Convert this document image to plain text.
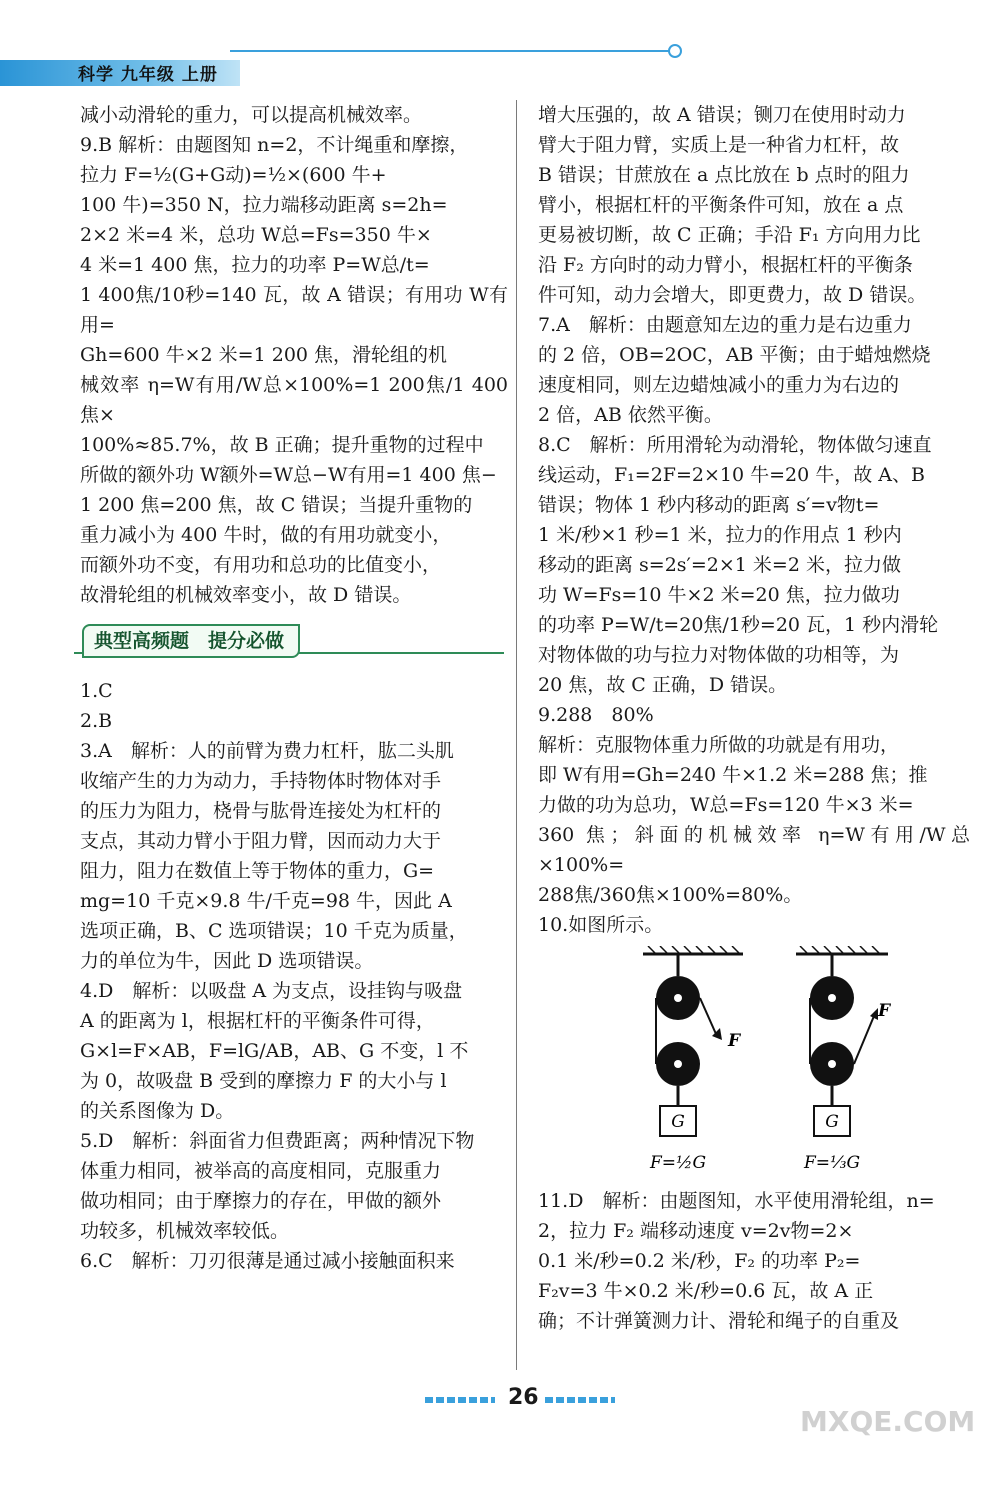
科学 九年级 上册
减小动滑轮的重力，可以提高机械效率。
9.B 解析：由题图知 n=2，不计绳重和摩擦，
拉力 F=½(G+G动)=½×(600 牛+
100 牛)=350 N，拉力端移动距离 s=2h=
2×2 米=4 米，总功 W总=Fs=350 牛×
4 米=1 400 焦，拉力的功率 P=W总/t=
1 400焦/10秒=140 瓦，故 A 错误；有用功 W有用=
Gh=600 牛×2 米=1 200 焦，滑轮组的机
械效率 η=W有用/W总×100%=1 200焦/1 400焦×
100%≈85.7%，故 B 正确；提升重物的过程中
所做的额外功 W额外=W总−W有用=1 400 焦−
1 200 焦=200 焦，故 C 错误；当提升重物的
重力减小为 400 牛时，做的有用功就变小，
而额外功不变，有用功和总功的比值变小，
故滑轮组的机械效率变小，故 D 错误。
典型高频题　提分必做
1.C
2.B
3.A　解析：人的前臂为费力杠杆，肱二头肌
收缩产生的力为动力，手持物体时物体对手
的压力为阻力，桡骨与肱骨连接处为杠杆的
支点，其动力臂小于阻力臂，因而动力大于
阻力，阻力在数值上等于物体的重力，G=
mg=10 千克×9.8 牛/千克=98 牛，因此 A
选项正确，B、C 选项错误；10 千克为质量，
力的单位为牛，因此 D 选项错误。
4.D　解析：以吸盘 A 为支点，设挂钩与吸盘
A 的距离为 l，根据杠杆的平衡条件可得，
G×l=F×AB，F=lG/AB，AB、G 不变，l 不
为 0，故吸盘 B 受到的摩擦力 F 的大小与 l
的关系图像为 D。
5.D　解析：斜面省力但费距离；两种情况下物
体重力相同，被举高的高度相同，克服重力
做功相同；由于摩擦力的存在，甲做的额外
功较多，机械效率较低。
6.C　解析：刀刃很薄是通过减小接触面积来
增大压强的，故 A 错误；铡刀在使用时动力
臂大于阻力臂，实质上是一种省力杠杆，故
B 错误；甘蔗放在 a 点比放在 b 点时的阻力
臂小，根据杠杆的平衡条件可知，放在 a 点
更易被切断，故 C 正确；手沿 F₁ 方向用力比
沿 F₂ 方向时的动力臂小，根据杠杆的平衡条
件可知，动力会增大，即更费力，故 D 错误。
7.A　解析：由题意知左边的重力是右边重力
的 2 倍，OB=2OC，AB 平衡；由于蜡烛燃烧
速度相同，则左边蜡烛减小的重力为右边的
2 倍，AB 依然平衡。
8.C　解析：所用滑轮为动滑轮，物体做匀速直
线运动，F₁=2F=2×10 牛=20 牛，故 A、B
错误；物体 1 秒内移动的距离 s′=v物t=
1 米/秒×1 秒=1 米，拉力的作用点 1 秒内
移动的距离 s=2s′=2×1 米=2 米，拉力做
功 W=Fs=10 牛×2 米=20 焦，拉力做功
的功率 P=W/t=20焦/1秒=20 瓦，1 秒内滑轮
对物体做的功与拉力对物体做的功相等，为
20 焦，故 C 正确，D 错误。
9.288　80%
解析：克服物体重力所做的功就是有用功，
即 W有用=Gh=240 牛×1.2 米=288 焦；推
力做的功为总功，W总=Fs=120 牛×3 米=
360 焦；斜面的机械效率 η=W有用/W总×100%=
288焦/360焦×100%=80%。
10.如图所示。
G
F
F=½G
G
F
F=⅓G
11.D　解析：由题图知，水平使用滑轮组，n=
2，拉力 F₂ 端移动速度 v=2v物=2×
0.1 米/秒=0.2 米/秒，F₂ 的功率 P₂=
F₂v=3 牛×0.2 米/秒=0.6 瓦，故 A 正
确；不计弹簧测力计、滑轮和绳子的自重及
26
MXQE.COM
